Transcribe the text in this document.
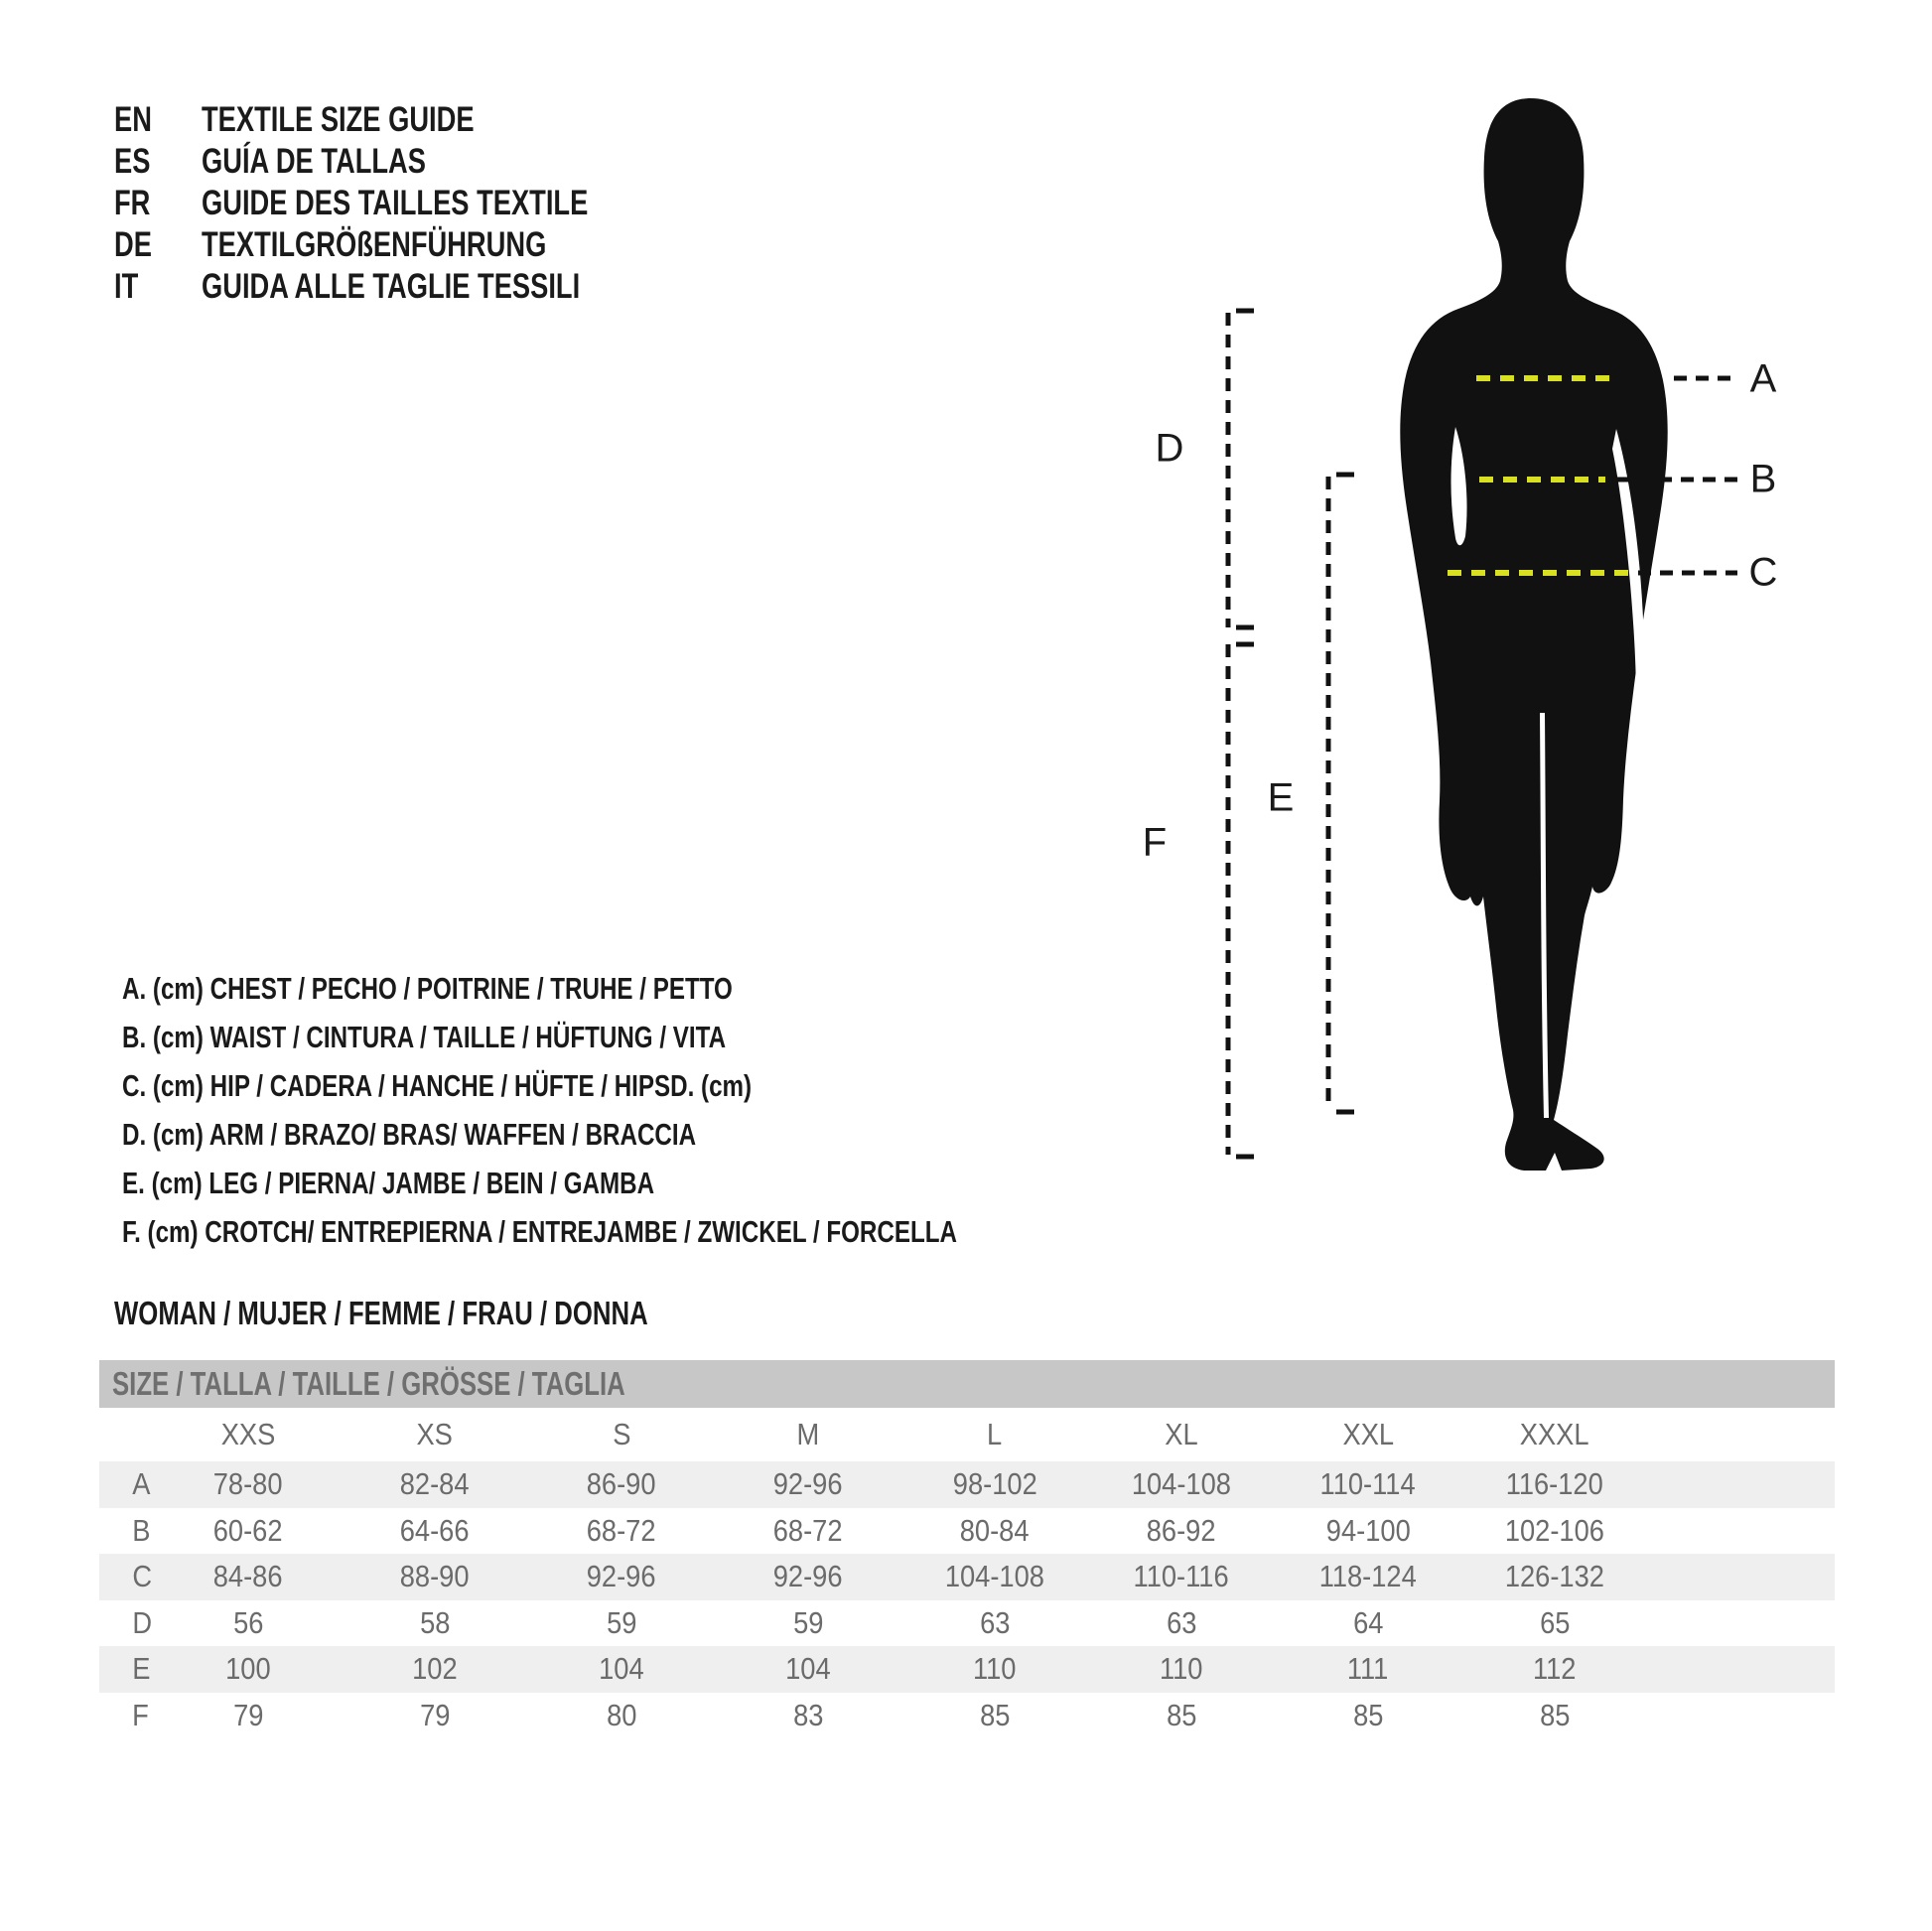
A
B
C
D
E
F
EN	TEXTILE SIZE GUIDE
ES	GUÍA DE TALLAS
FR	GUIDE DES TAILLES TEXTILE
DE	TEXTILGRÖßENFÜHRUNG
IT	GUIDA ALLE TAGLIE TESSILI
A. (cm) CHEST / PECHO / POITRINE / TRUHE / PETTO
B. (cm) WAIST / CINTURA / TAILLE / HÜFTUNG / VITA
C. (cm) HIP / CADERA / HANCHE / HÜFTE / HIPSD. (cm)
D. (cm) ARM / BRAZO/ BRAS/ WAFFEN / BRACCIA
E. (cm) LEG / PIERNA/ JAMBE / BEIN / GAMBA
F. (cm) CROTCH/ ENTREPIERNA / ENTREJAMBE / ZWICKEL / FORCELLA
WOMAN / MUJER / FEMME / FRAU / DONNA
SIZE / TALLA / TAILLE / GRÖSSE / TAGLIA
XXS	XS	S	M	L	XL	XXL	XXXL
A	78-80	82-84	86-90	92-96	98-102	104-108	110-114	116-120
B	60-62	64-66	68-72	68-72	80-84	86-92	94-100	102-106
C	84-86	88-90	92-96	92-96	104-108	110-116	118-124	126-132
D	56	58	59	59	63	63	64	65
E	100	102	104	104	110	110	111	112
F	79	79	80	83	85	85	85	85
